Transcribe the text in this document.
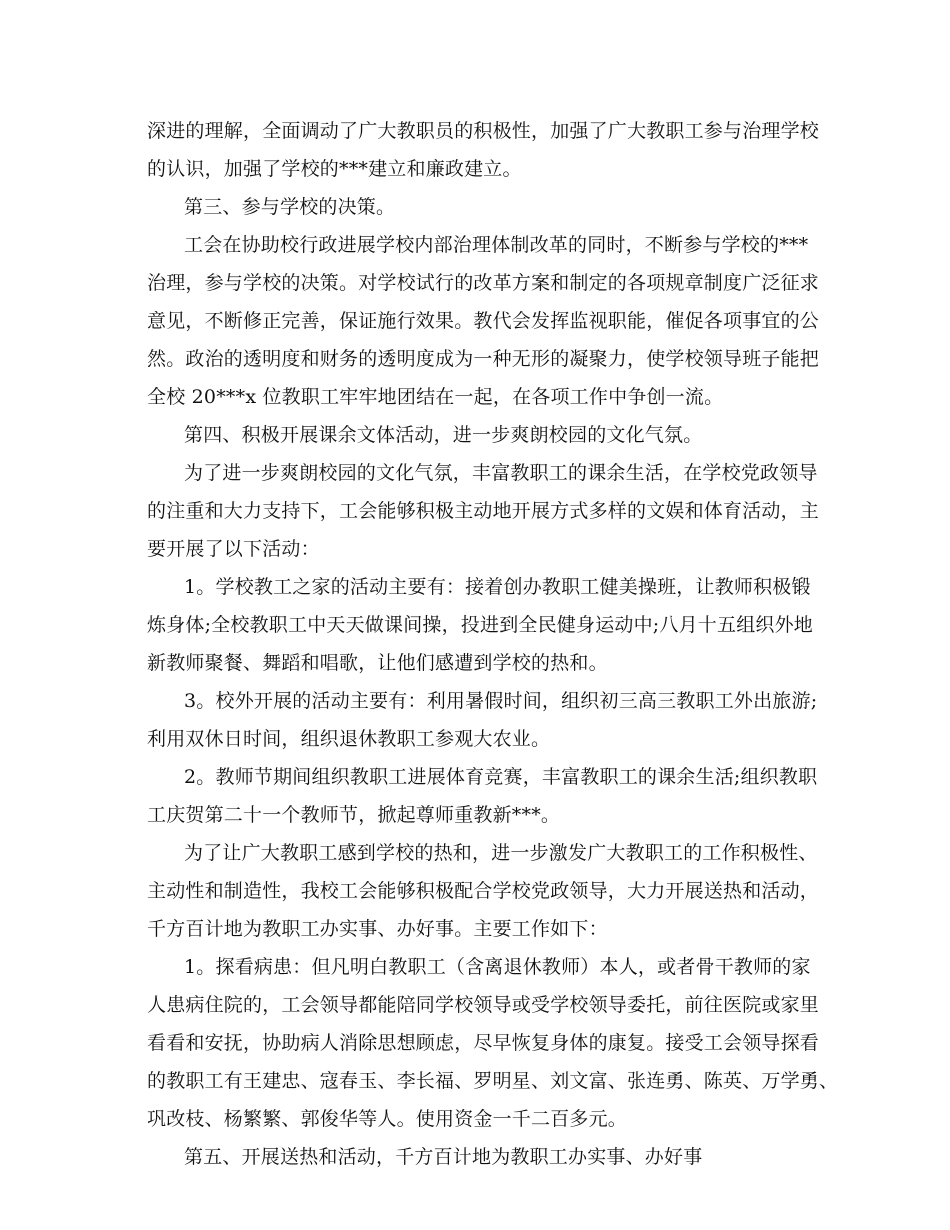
深进的理解，全面调动了广大教职员的积极性，加强了广大教职工参与治理学校
的认识，加强了学校的***建立和廉政建立。
第三、参与学校的决策。
工会在协助校行政进展学校内部治理体制改革的同时，不断参与学校的***
治理，参与学校的决策。对学校试行的改革方案和制定的各项规章制度广泛征求
意见，不断修正完善，保证施行效果。教代会发挥监视职能，催促各项事宜的公
然。政治的透明度和财务的透明度成为一种无形的凝聚力，使学校领导班子能把
全校 20***x 位教职工牢牢地团结在一起，在各项工作中争创一流。
第四、积极开展课余文体活动，进一步爽朗校园的文化气氛。
为了进一步爽朗校园的文化气氛，丰富教职工的课余生活，在学校党政领导
的注重和大力支持下，工会能够积极主动地开展方式多样的文娱和体育活动，主
要开展了以下活动：
1。学校教工之家的活动主要有：接着创办教职工健美操班，让教师积极锻
炼身体;全校教职工中天天做课间操，投进到全民健身运动中;八月十五组织外地
新教师聚餐、舞蹈和唱歌，让他们感遭到学校的热和。
3。校外开展的活动主要有：利用暑假时间，组织初三高三教职工外出旅游;
利用双休日时间，组织退休教职工参观大农业。
2。教师节期间组织教职工进展体育竞赛，丰富教职工的课余生活;组织教职
工庆贺第二十一个教师节，掀起尊师重教新***。
为了让广大教职工感到学校的热和，进一步激发广大教职工的工作积极性、
主动性和制造性，我校工会能够积极配合学校党政领导，大力开展送热和活动，
千方百计地为教职工办实事、办好事。主要工作如下：
1。探看病患：但凡明白教职工（含离退休教师）本人，或者骨干教师的家
人患病住院的，工会领导都能陪同学校领导或受学校领导委托，前往医院或家里
看看和安抚，协助病人消除思想顾虑，尽早恢复身体的康复。接受工会领导探看
的教职工有王建忠、寇春玉、李长福、罗明星、刘文富、张连勇、陈英、万学勇、
巩改枝、杨繁繁、郭俊华等人。使用资金一千二百多元。
第五、开展送热和活动，千方百计地为教职工办实事、办好事
